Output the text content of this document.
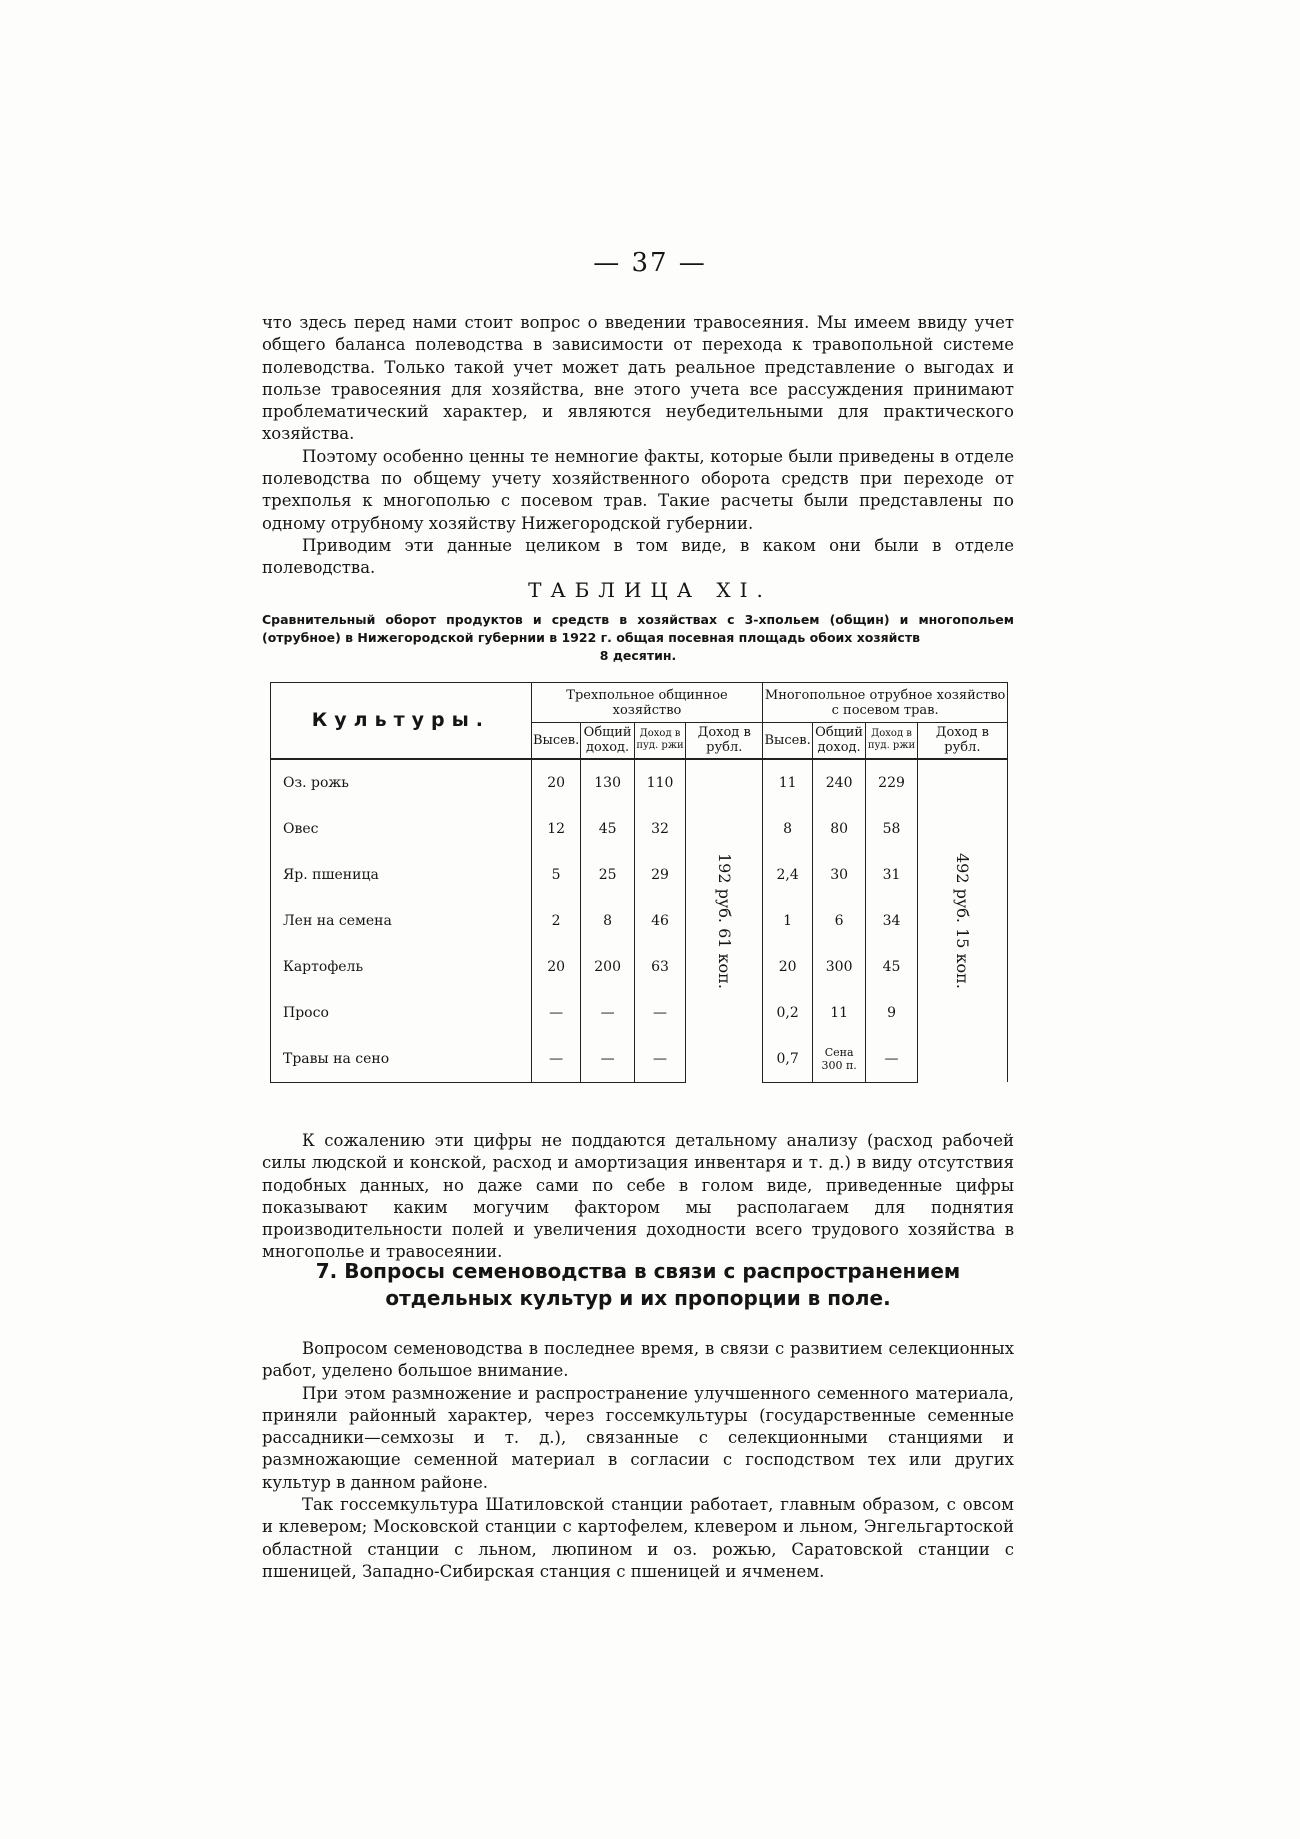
— 37 —

что здесь перед нами стоит вопрос о введении травосеяния. Мы имеем ввиду учет общего баланса полеводства в зависимости от перехода к травопольной системе полеводства. Только такой учет может дать реальное представление о выгодах и пользе травосеяния для хозяйства, вне этого учета все рассуждения принимают проблематический характер, и являются неубедительными для практического хозяйства.

Поэтому особенно ценны те немногие факты, которые были приведены в отделе полеводства по общему учету хозяйственного оборота средств при переходе от трехполья к многополью с посевом трав. Такие расчеты были представлены по одному отрубному хозяйству Нижегородской губернии.

Приводим эти данные целиком в том виде, в каком они были в отделе полеводства.

ТАБЛИЦА XI.
Сравнительный оборот продуктов и средств в хозяйствах с 3-хпольем (общин) и многопольем (отрубное) в Нижегородской губернии в 1922 г. общая посевная площадь обоих хозяйств
8 десятин.
Культуры.	Трехпольное общинное хозяйство				Многопольное отрубное хозяйство с посевом трав.			
	Высев.	Общий доход.	Доход в пуд. ржи	Доход в рубл.	Высев.	Общий доход.	Доход в пуд. ржи	Доход в рубл.
Оз. рожь	20	130	110	192 руб. 61 коп.	11	240	229	492 руб. 15 коп.

Овес	12	45	32		8	80	58	
Яр. пшеница	5	25	29		2,4	30	31	
Лен на семена	2	8	46		1	6	34	
Картофель	20	200	63		20	300	45	
Просо	—	—	—		0,2	11	9	
Травы на сено	—	—	—		0,7	Сена 300 п.	—	
7. Вопросы семеноводства в связи с распространением отдельных культур и их пропорции в поле.

К сожалению эти цифры не поддаются детальному анализу (расход рабочей силы людской и конской, расход и амортизация инвентаря и т. д.) в виду отсутствия подобных данных, но даже сами по себе в голом виде, приведенные цифры показывают каким могучим фактором мы располагаем для поднятия производительности полей и увеличения доходности всего трудового хозяйства в многополье и травосеянии.

Вопросом семеноводства в последнее время, в связи с развитием селекционных работ, уделено большое внимание.

При этом размножение и распространение улучшенного семенного материала, приняли районный характер, через госсемкультуры (государственные семенные рассадники—семхозы и т. д.), связанные с селекционными станциями и размножающие семенной материал в согласии с господством тех или других культур в данном районе.

Так госсемкультура Шатиловской станции работает, главным образом, с овсом и клевером; Московской станции с картофелем, клевером и льном, Энгельгартоской областной станции с льном, люпином и оз. рожью, Саратовской станции с пшеницей, Западно-Сибирская станция с пшеницей и ячменем.
